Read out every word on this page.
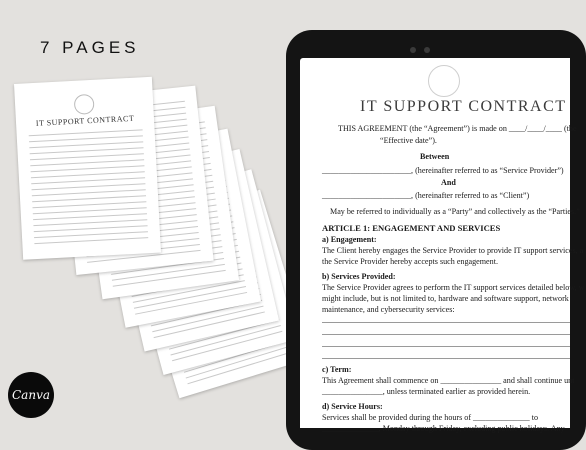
7 PAGES
IT SUPPORT CONTRACT
Canva
IT SUPPORT CONTRACT
THIS AGREEMENT (the “Agreement”) is made on ____/____/____ (the
“Effective date”).
Between
______________________, (hereinafter referred to as “Service Provider”)
And
______________________, (hereinafter referred to as “Client”)
May be referred to individually as a “Party” and collectively as the “Parties.”
ARTICLE 1: ENGAGEMENT AND SERVICES
a) Engagement:
The Client hereby engages the Service Provider to provide IT support services, a
the Service Provider hereby accepts such engagement.
b) Services Provided:
The Service Provider agrees to perform the IT support services detailed below, w
might include, but is not limited to, hardware and software support, network
maintenance, and cybersecurity services:
c) Term:
This Agreement shall commence on _______________ and shall continue unt
_______________, unless terminated earlier as provided herein.
d) Service Hours:
Services shall be provided during the hours of ______________ to
______________, Monday through Friday, excluding public holidays. Any
